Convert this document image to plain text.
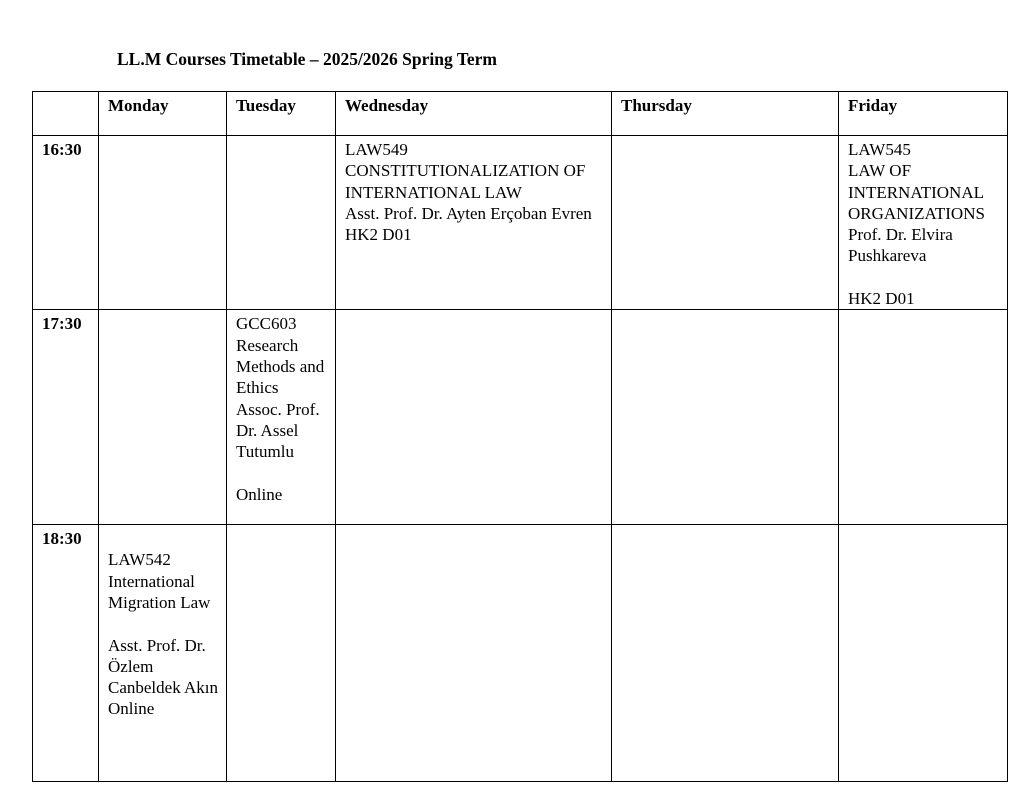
LL.M Courses Timetable – 2025/2026 Spring Term
	Monday	Tuesday	Wednesday	Thursday	Friday
16:30			LAW549
CONSTITUTIONALIZATION OF INTERNATIONAL LAW
Asst. Prof. Dr. Ayten Erçoban Evren
HK2 D01		LAW545
LAW OF INTERNATIONAL ORGANIZATIONS
Prof. Dr. Elvira Pushkareva
HK2 D01

17:30		GCC603
Research Methods and Ethics
Assoc. Prof. Dr. Assel Tutumlu
Online			

18:30	LAW542
International Migration Law
Asst. Prof. Dr. Özlem Canbeldek Akın
Online				
